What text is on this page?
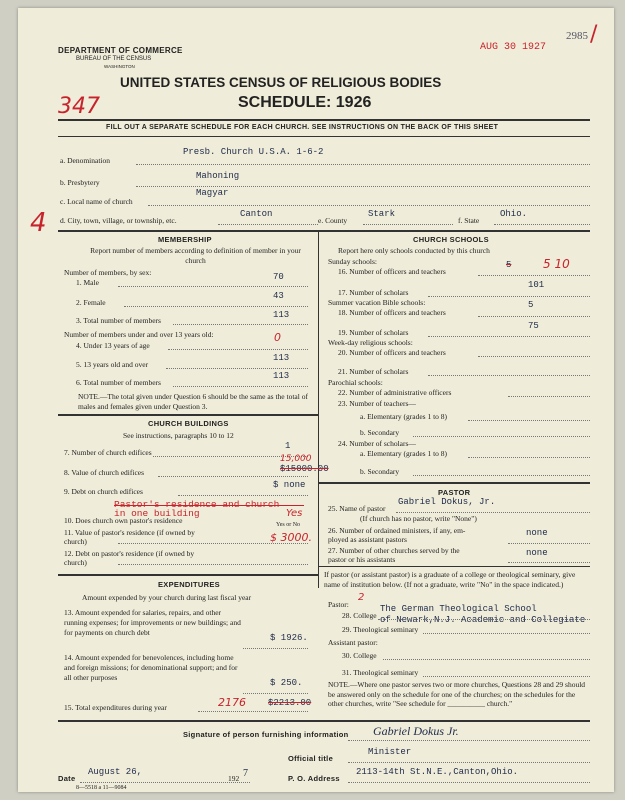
DEPARTMENT OF COMMERCE
BUREAU OF THE CENSUS
WASHINGTON
AUG 30 1927
2985 /
UNITED STATES CENSUS OF RELIGIOUS BODIES
347	SCHEDULE: 1926
FILL OUT A SEPARATE SCHEDULE FOR EACH CHURCH. SEE INSTRUCTIONS ON THE BACK OF THIS SHEET
a. Denomination
Presb. Church U.S.A. 1-6-2
b. Presbytery
Mahoning
c. Local name of church
Magyar
d. City, town, village, or township, etc.
Canton
e. County
Stark
f. State
Ohio.
4
MEMBERSHIP
Report number of members according to definition of member in your church
Number of members, by sex:
1. Male
70
2. Female
43
3. Total number of members
113
Number of members under and over 13 years old:
4. Under 13 years of age
0
5. 13 years old and over
113
6. Total number of members
113
NOTE.—The total given under Question 6 should be the same as the total of males and females given under Question 3.
CHURCH BUILDINGS
See instructions, paragraphs 10 to 12
7. Number of church edifices
1
8. Value of church edifices
15,000
$15000.00
9. Debt on church edifices
$ none

in one building
10. Does church own pastor's residence	Yes or No
Yes
11. Value of pastor's residence (if owned by
church)	$ 3000.
12. Debt on pastor's residence (if owned by
church)
EXPENDITURES
Amount expended by your church during last fiscal year
13. Amount expended for salaries, repairs, and other running expenses; for improvements or new buildings; and for payments on church debt
$ 1926.
14. Amount expended for benevolences, including home and foreign missions; for denominational support; and for all other purposes
$ 250.
15. Total expenditures during year	2176 $2213.00
CHURCH SCHOOLS
Report here only schools conducted by this church
Sunday schools:
16. Number of officers and teachers
5	5 10
17. Number of scholars
101
Summer vacation Bible schools:
18. Number of officers and teachers
5
19. Number of scholars
75
Week-day religious schools:
20. Number of officers and teachers
21. Number of scholars
Parochial schools:
22. Number of administrative officers
23. Number of teachers—
a. Elementary (grades 1 to 8)
b. Secondary
24. Number of scholars—
a. Elementary (grades 1 to 8)
b. Secondary
PASTOR
25. Name of pastor
Gabriel Dokus, Jr.
(If church has no pastor, write "None")
26. Number of ordained ministers, if any, em-
ployed as assistant pastors
none
27. Number of other churches served by the
pastor or his assistants
none
If pastor (or assistant pastor) is a graduate of a college or theological seminary, give name of institution below. (If not a graduate, write "No" in the space indicated.)
Pastor:
2
28. College
The German Theological School
of Newark,N.J. Academic and Collegiate
29. Theological seminary
Assistant pastor:
30. College
31. Theological seminary
NOTE.—Where one pastor serves two or more churches, Questions 28 and 29 should be answered only on the schedule for one of the churches; on the schedules for the other churches, write "See schedule for __________ church."
Signature of person furnishing information Gabriel Dokus Jr.
Official title
Minister
Date
August 26,
192 7	P. O. Address
2113-14th St.N.E.,Canton,Ohio.
8—5518 a 11—9084
